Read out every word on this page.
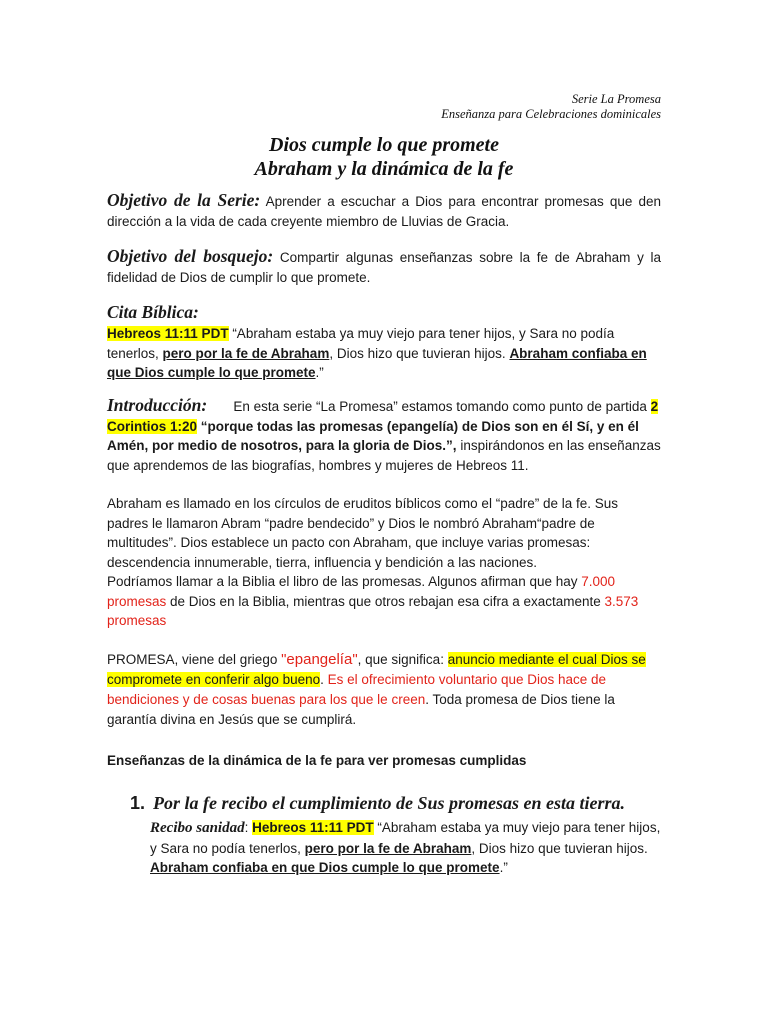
Serie La Promesa
Enseñanza para Celebraciones dominicales
Dios cumple lo que promete
Abraham y la dinámica de la fe
Objetivo de la Serie: Aprender a escuchar a Dios para encontrar promesas que den dirección a la vida de cada creyente miembro de Lluvias de Gracia.
Objetivo del bosquejo: Compartir algunas enseñanzas sobre la fe de Abraham y la fidelidad de Dios de cumplir lo que promete.
Cita Bíblica:
Hebreos 11:11 PDT “Abraham estaba ya muy viejo para tener hijos, y Sara no podía tenerlos, pero por la fe de Abraham, Dios hizo que tuvieran hijos. Abraham confiaba en que Dios cumple lo que promete.”
Introducción:       En esta serie “La Promesa” estamos tomando como punto de partida 2 Corintios 1:20 “porque todas las promesas (epangelía) de Dios son en él Sí, y en él Amén, por medio de nosotros, para la gloria de Dios.”, inspirándonos en las enseñanzas que aprendemos de las biografías, hombres y mujeres de Hebreos 11.
Abraham es llamado en los círculos de eruditos bíblicos como el “padre” de la fe. Sus padres le llamaron Abram “padre bendecido” y Dios le nombró Abraham“padre de multitudes”. Dios establece un pacto con Abraham, que incluye varias promesas: descendencia innumerable, tierra, influencia y bendición a las naciones.
Podríamos llamar a la Biblia el libro de las promesas. Algunos afirman que hay 7.000 promesas de Dios en la Biblia, mientras que otros rebajan esa cifra a exactamente 3.573 promesas
PROMESA, viene del griego "epangelía", que significa: anuncio mediante el cual Dios se compromete en conferir algo bueno. Es el ofrecimiento voluntario que Dios hace de bendiciones y de cosas buenas para los que le creen. Toda promesa de Dios tiene la garantía divina en Jesús que se cumplirá.
Enseñanzas de la dinámica de la fe para ver promesas cumplidas
1. Por la fe recibo el cumplimiento de Sus promesas en esta tierra.
Recibo sanidad: Hebreos 11:11 PDT “Abraham estaba ya muy viejo para tener hijos, y Sara no podía tenerlos, pero por la fe de Abraham, Dios hizo que tuvieran hijos. Abraham confiaba en que Dios cumple lo que promete.”
